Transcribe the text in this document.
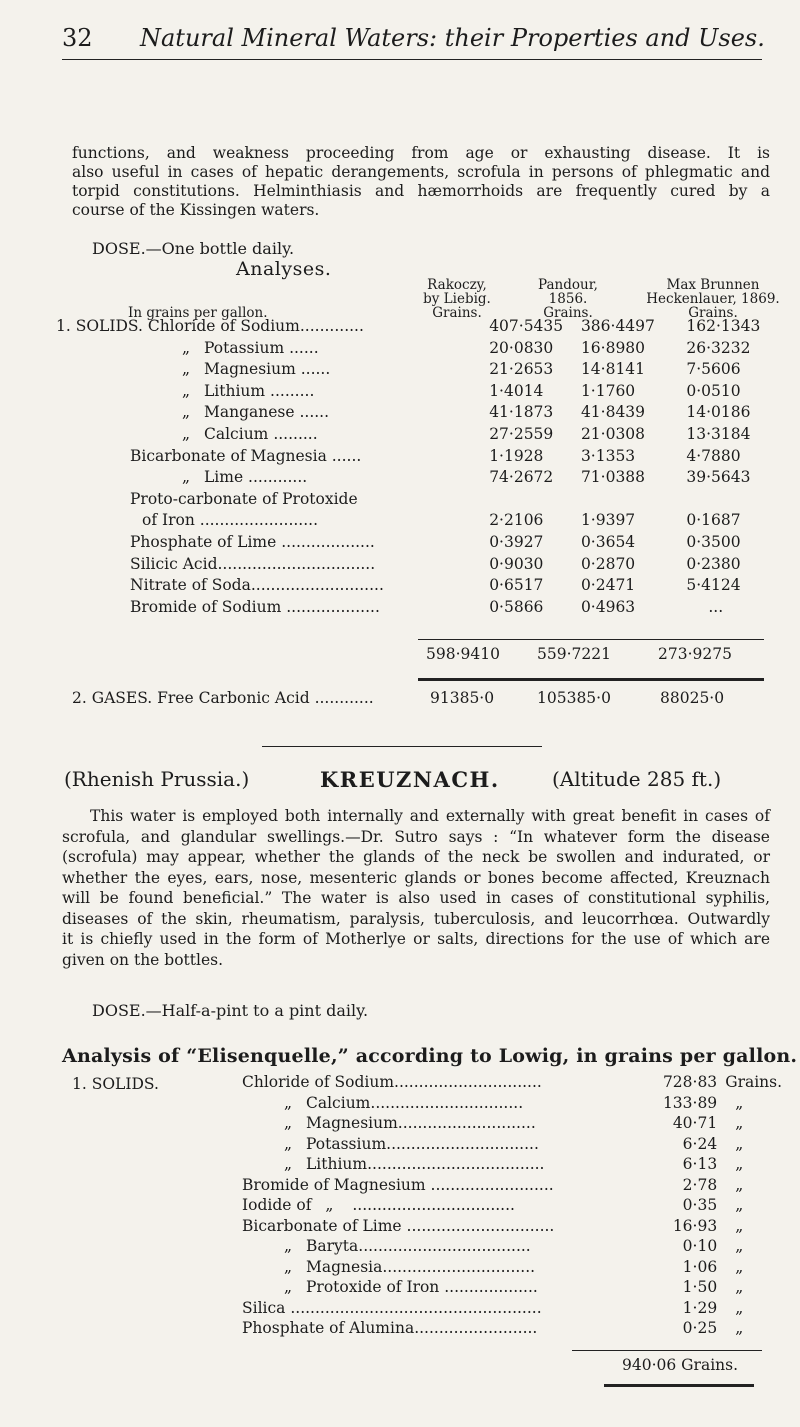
32 Natural Mineral Waters: their Properties and Uses.
functions, and weakness proceeding from age or exhausting disease. It is
also useful in cases of hepatic derangements, scrofula in persons of phlegmatic and
torpid constitutions. Helminthiasis and hæmorrhoids are frequently cured by a
course of the Kissingen waters.
DOSE.—One bottle daily.
Analyses.
Rakoczy,
by Liebig.
Grains.
Pandour,
1856.
Grains.
Max Brunnen
Heckenlauer, 1869.
Grains.
In grains per gallon.
1. SOLIDS. Chloride of Sodium.............	407·5435	386·4497	162·1343
„ Potassium ......	20·0830	16·8980	26·3232
„ Magnesium ......	21·2653	14·8141	7·5606
„ Lithium .........	1·4014	1·1760	0·0510
„ Manganese ......	41·1873	41·8439	14·0186
„ Calcium .........	27·2559	21·0308	13·3184
Bicarbonate of Magnesia ......	1·1928	3·1353	4·7880
„ Lime ............	74·2672	71·0388	39·5643
Proto-carbonate of Protoxide			
of Iron ........................	2·2106	1·9397	0·1687
Phosphate of Lime ...................	0·3927	0·3654	0·3500
Silicic Acid................................	0·9030	0·2870	0·2380
Nitrate of Soda...........................	0·6517	0·2471	5·4124
Bromide of Sodium ...................	0·5866	0·4963	...
598·9410 559·7221	273·9275
2. GASES. Free Carbonic Acid ............	91385·0	105385·0	88025·0
(Rhenish Prussia.)	KREUZNACH.	(Altitude 285 ft.)
This water is employed both internally and externally with great benefit in cases of
scrofula, and glandular swellings.—Dr. Sutro says : “In whatever form the disease
(scrofula) may appear, whether the glands of the neck be swollen and indurated, or
whether the eyes, ears, nose, mesenteric glands or bones become affected, Kreuznach
will be found beneficial.” The water is also used in cases of constitutional syphilis,
diseases of the skin, rheumatism, paralysis, tuberculosis, and leucorrhœa. Outwardly
it is chiefly used in the form of Motherlye or salts, directions for the use of which are
given on the bottles.
DOSE.—Half-a-pint to a pint daily.
Analysis of “Elisenquelle,” according to Lowig, in grains per gallon.
1. SOLIDS.	Chloride of Sodium..............................	728·83	Grains.
„ Calcium...............................	133·89	„
„ Magnesium............................	40·71	„
„ Potassium...............................	6·24	„
„ Lithium....................................	6·13	„
Bromide of Magnesium .........................	2·78	„
Iodide of „ .................................	0·35	„
Bicarbonate of Lime ..............................	16·93	„
„ Baryta...................................	0·10	„
„ Magnesia...............................	1·06	„
„ Protoxide of Iron ...................	1·50	„
Silica ...................................................	1·29	„
Phosphate of Alumina.........................	0·25	„
940·06 Grains.
